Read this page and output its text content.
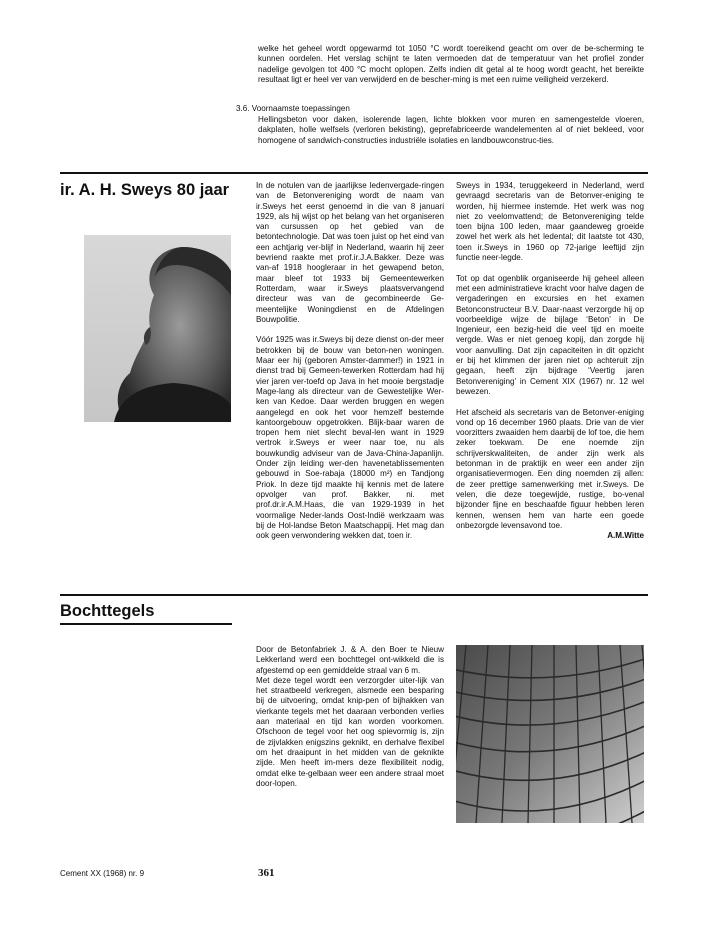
welke het geheel wordt opgewarmd tot 1050 °C wordt toereikend geacht om over de be-scherming te kunnen oordelen. Het verslag schijnt te laten vermoeden dat de temperatuur van het profiel zonder nadelige gevolgen tot 400 °C mocht oplopen. Zelfs indien dit getal al te hoog wordt geacht, het bereikte resultaat ligt er heel ver van verwijderd en de bescher-ming is met een ruime veiligheid verzekerd.
3.6. Voornaamste toepassingen
Hellingsbeton voor daken, isolerende lagen, lichte blokken voor muren en samengestelde vloeren, dakplaten, holle welfsels (verloren bekisting), geprefabriceerde wandelementen al of niet bekleed, voor homogene of sandwich-constructies industriële isolaties en landbouwconstruc-ties.
ir. A. H. Sweys 80 jaar	In de notulen van de jaarlijkse ledenvergade-ringen van de Betonvereniging wordt de naam van ir.Sweys het eerst genoemd in die van 8 januari 1929, als hij wijst op het belang van het organiseren van cursussen op het gebied van de betontechnologie. Dat was toen juist op het eind van een achtjarig ver-blijf in Nederland, waarin hij zeer bevriend raakte met prof.ir.J.A.Bakker. Deze was van-af 1918 hoogleraar in het gewapend beton, maar bleef tot 1933 bij Gemeentewerken Rotterdam, waar ir.Sweys plaatsvervangend directeur was van de gecombineerde Ge-meentelijke Woningdienst en de Afdelingen Bouwpolitie.

Vóór 1925 was ir.Sweys bij deze dienst on-der meer betrokken bij de bouw van beton-nen woningen. Maar eer hij (geboren Amster-dammer!) in 1921 in dienst trad bij Gemeen-tewerken Rotterdam had hij vier jaren ver-toefd op Java in het mooie bergstadje Mage-lang als directeur van de Gewestelijke Wer-ken van Kedoe. Daar werden bruggen en wegen aangelegd en ook het voor hemzelf bestemde kantoorgebouw opgetrokken. Blijk-baar waren de tropen hem niet slecht beval-len want in 1929 vertrok ir.Sweys er weer naar toe, nu als bouwkundig adviseur van de Java-China-Japanlijn. Onder zijn leiding wer-den havenetablissementen gebouwd in Soe-rabaja (18000 m²) en Tandjong Priok. In deze tijd maakte hij kennis met de latere opvolger van prof. Bakker, ni. met prof.dr.ir.A.M.Haas, die van 1929-1939 in het voormalige Neder-lands Oost-Indië werkzaam was bij de Hol-landse Beton Maatschappij. Het mag dan ook geen verwondering wekken dat, toen ir.

Sweys in 1934, teruggekeerd in Nederland, werd gevraagd secretaris van de Betonver-eniging te worden, hij hiermee instemde. Het werk was nog niet zo veelomvattend; de Betonvereniging telde toen bijna 100 leden, maar gaandeweg groeide zowel het werk als het ledental; dit laatste tot 430, toen ir.Sweys in 1960 op 72-jarige leeftijd zijn functie neer-legde.

Tot op dat ogenblik organiseerde hij geheel alleen met een administratieve kracht voor halve dagen de vergaderingen en excursies en het examen Betonconstructeur B.V. Daar-naast verzorgde hij op voorbeeldige wijze de bijlage ‘Beton’ in De Ingenieur, een bezig-heid die veel tijd en moeite vergde. Was er niet genoeg kopij, dan zorgde hij voor aanvulling. Dat zijn capaciteiten in dit opzicht er bij het klimmen der jaren niet op achteruit zijn gegaan, heeft zijn bijdrage ‘Veertig jaren Betonvereniging’ in Cement XIX (1967) nr. 12 wel bewezen.

Het afscheid als secretaris van de Betonver-eniging vond op 16 december 1960 plaats. Drie van de vier voorzitters zwaaiden hem daarbij de lof toe, die hem zeker toekwam. De ene noemde zijn schrijverskwaliteiten, de ander zijn werk als betonman in de praktijk en weer een ander zijn organisatievermogen. Een ding noemden zij allen: de zeer prettige samenwerking met ir.Sweys. De velen, die deze toegewijde, rustige, bo-venal bijzonder fijne en beschaafde figuur hebben leren kennen, wensen hem van harte een goede onbezorgde levensavond toe.

A.M.Witte
Bochttegels

Door de Betonfabriek J. & A. den Boer te Nieuw Lekkerland werd een bochttegel ont-wikkeld die is afgestemd op een gemiddelde straal van 6 m.

Met deze tegel wordt een verzorgder uiter-lijk van het straatbeeld verkregen, alsmede een besparing bij de uitvoering, omdat knip-pen of bijhakken van vierkante tegels met het daaraan verbonden verlies aan materiaal en tijd kan worden voorkomen. Ofschoon de tegel voor het oog spievormig is, zijn de zijvlakken enigszins geknikt, en derhalve flexibel om het draaipunt in het midden van de geknikte zijde. Men heeft im-mers deze flexibiliteit nodig, omdat elke te-gelbaan weer een andere straal moet door-lopen.

Cement XX (1968) nr. 9	361
